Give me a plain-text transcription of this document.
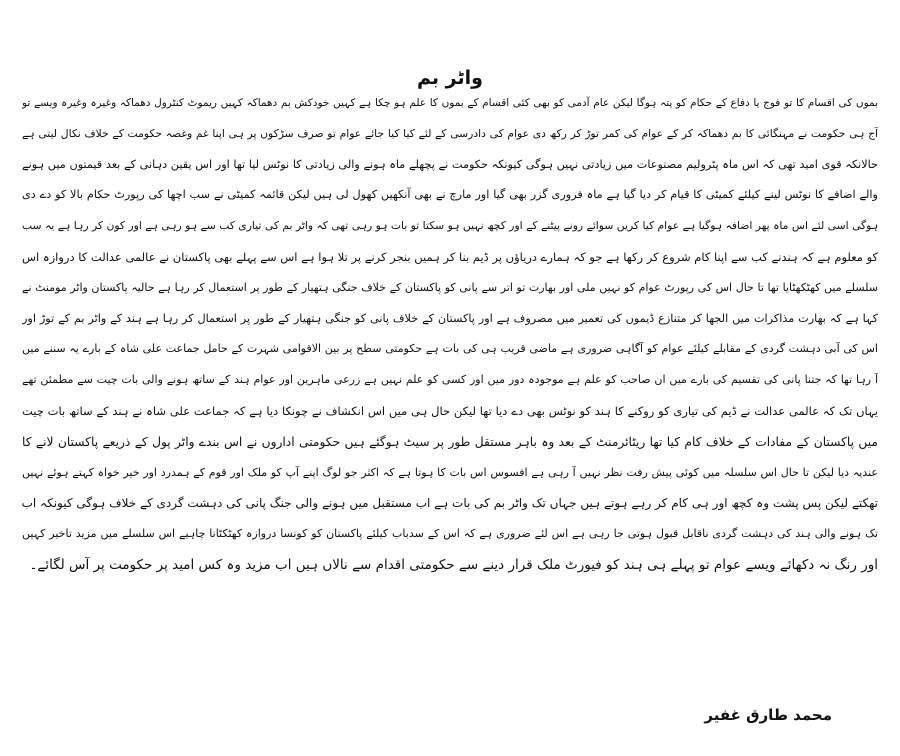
واٹر بم
بموں کی اقسام کا تو فوج یا دفاع کے حکام کو پتہ ہوگا لیکن عام آدمی کو بھی کئی اقسام کے بموں کا علم ہو چکا ہے کہیں خودکش بم دھماکہ کہیں ریموٹ کنٹرول دھماکہ وغیرہ وغیرہ ویسے تو
آج ہی حکومت نے مہنگائی کا بم دھماکہ کر کے عوام کی کمر توڑ کر رکھ دی عوام کی دادرسی کے لئے کیا کیا جائے عوام تو صرف سڑکوں پر ہی اپنا غم وغصہ حکومت کے خلاف نکال لیتی ہے
حالانکہ قوی امید تھی کہ اس ماہ پٹرولیم مصنوعات میں زیادتی نہیں ہوگی کیونکہ حکومت نے پچھلے ماہ ہونے والی زیادتی کا نوٹس لیا تھا اور اس یقین دہانی کے بعد قیمتوں میں ہونے
والے اضافے کا نوٹس لینے کیلئے کمیٹی کا قیام کر دیا گیا ہے ماہ فروری گزر بھی گیا اور مارچ نے بھی آنکھیں کھول لی ہیں لیکن قائمہ کمیٹی نے سب اچھا کی رپورٹ حکام بالا کو دے دی
ہوگی اسی لئے اس ماہ پھر اضافہ ہوگیا ہے عوام کیا کریں سوائے رونے پیٹنے کے اور کچھ نہیں ہو سکتا تو بات ہو رہی تھی کہ واٹر بم کی تیاری کب سے ہو رہی ہے اور کون کر رہا ہے یہ سب
کو معلوم ہے کہ ہندنے کب سے اپنا کام شروع کر رکھا ہے جو کہ ہمارے دریاؤں پر ڈیم بنا کر ہمیں بنجر کرنے پر تلا ہوا ہے اس سے پہلے بھی پاکستان نے عالمی عدالت کا دروازہ اس
سلسلے میں کھٹکھٹایا تھا تا حال اس کی رپورٹ عوام کو نہیں ملی اور بھارت تو اتر سے پانی کو پاکستان کے خلاف جنگی ہتھیار کے طور پر استعمال کر رہا ہے حالیہ پاکستان واٹر مومنٹ نے
کہا ہے کہ بھارت مذاکرات میں الجھا کر متنازع ڈیموں کی تعمیر میں مصروف ہے اور پاکستان کے خلاف پانی کو جنگی ہتھیار کے طور پر استعمال کر رہا ہے ہند کے واٹر بم کے توڑ اور
اس کی آبی دہشت گردی کے مقابلے کیلئے عوام کو آگاہی ضروری ہے ماضی قریب ہی کی بات ہے حکومتی سطح پر بین الاقوامی شہرت کے حامل جماعت علی شاہ کے بارے یہ سننے میں
آ رہا تھا کہ جتنا پانی کی تقسیم کی بارے میں ان صاحب کو علم ہے موجودہ دور میں اور کسی کو علم نہیں ہے زرعی ماہرین اور عوام ہند کے ساتھ ہونے والی بات چیت سے مطمئن تھے
یہاں تک کہ عالمی عدالت نے ڈیم کی تیاری کو روکنے کا ہند کو نوٹس بھی دے دیا تھا لیکن حال ہی میں اس انکشاف نے چونکا دیا ہے کہ جماعت علی شاہ نے ہند کے ساتھ بات چیت
میں پاکستان کے مفادات کے خلاف کام کیا تھا ریٹائرمنٹ کے بعد وہ باہر مستقل طور پر سیٹ ہوگئے ہیں حکومتی اداروں نے اس بندے واٹر پول کے ذریعے پاکستان لانے کا
عندیہ دیا لیکن تا حال اس سلسلہ میں کوئی پیش رفت نظر نہیں آ رہی ہے افسوس اس بات کا ہوتا ہے کہ اکثر جو لوگ اپنے آپ کو ملک اور قوم کے ہمدرد اور خیر خواہ کہتے ہوئے نہیں
تھکتے لیکن پس پشت وہ کچھ اور ہی کام کر رہے ہوتے ہیں جہاں تک واٹر بم کی بات ہے اب مستقبل میں ہونے والی جنگ پانی کی دہشت گردی کے خلاف ہوگی کیونکہ اب
تک ہونے والی ہند کی دہشت گردی ناقابل قبول ہوتی جا رہی ہے اس لئے ضروری ہے کہ اس کے سدباب کیلئے پاکستان کو کونسا دروازہ کھٹکٹانا چاہیے اس سلسلے میں مزید تاخیر کہیں
اور رنگ نہ دکھائے ویسے عوام تو پہلے ہی ہند کو فیورٹ ملک قرار دینے سے حکومتی اقدام سے نالاں ہیں اب مزید وہ کس امید پر حکومت پر آس لگائے۔
محمد طارق غفیر
